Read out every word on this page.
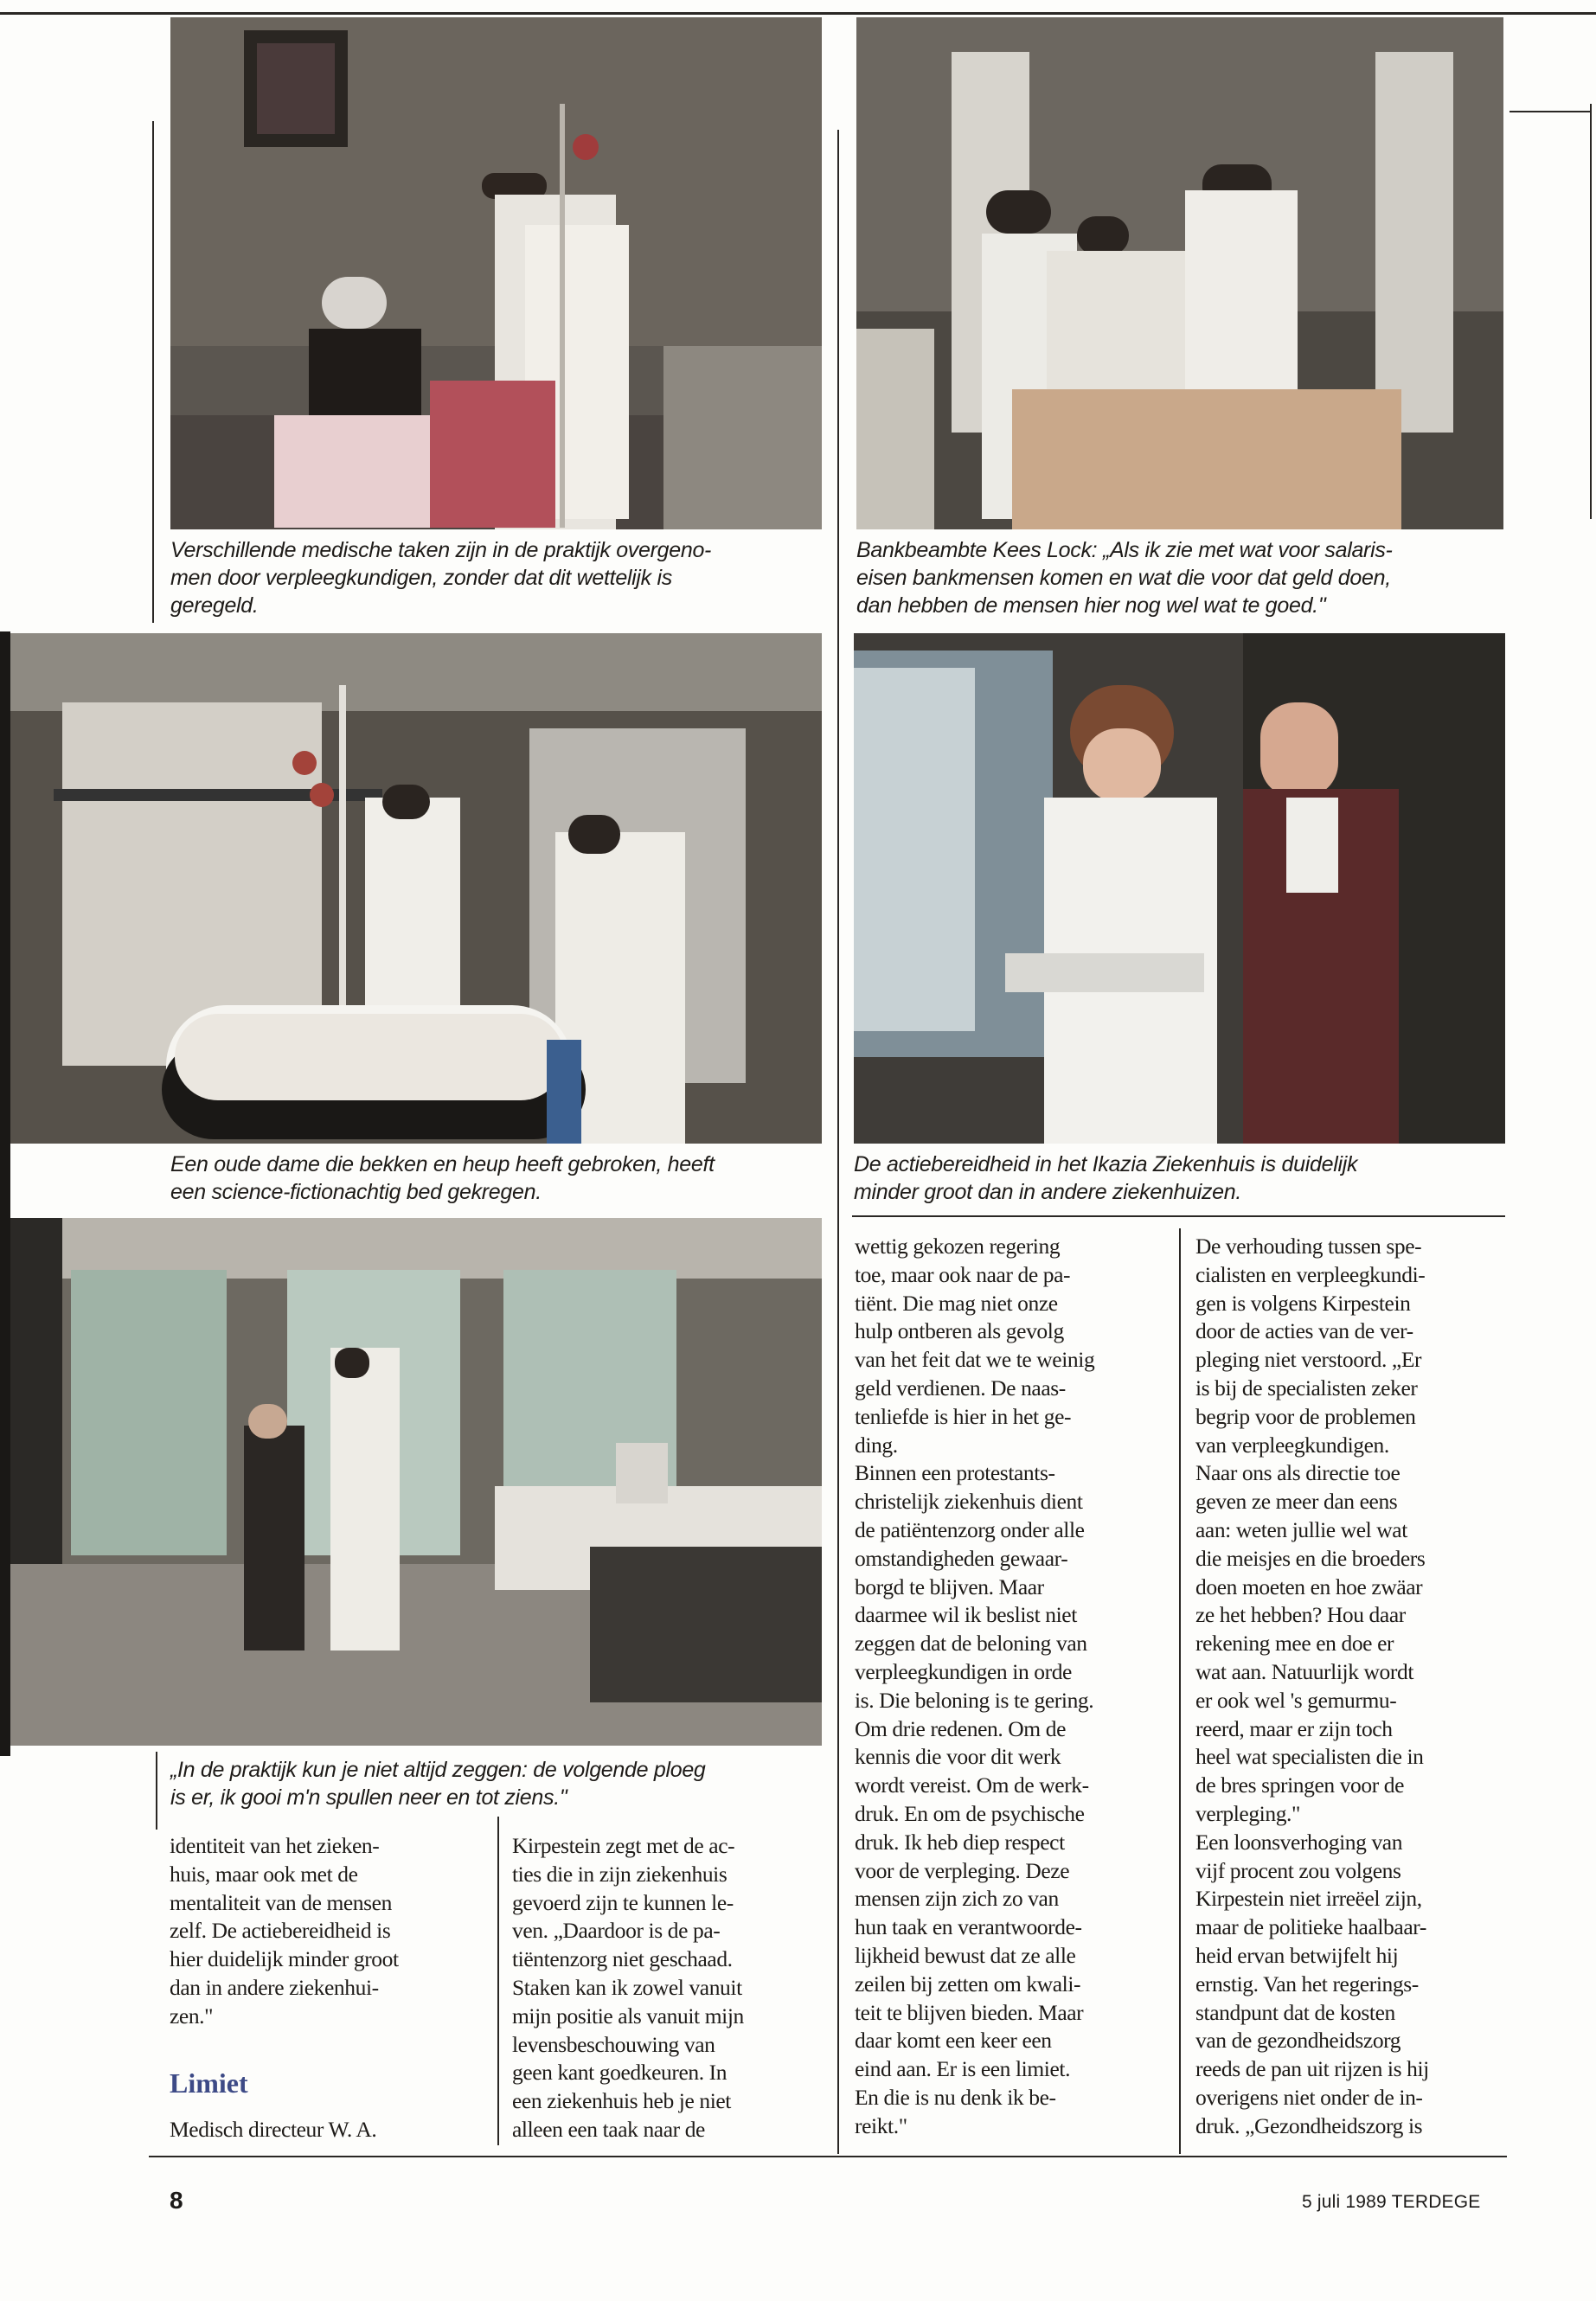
Verschillende medische taken zijn in de praktijk overgeno-
men door verpleegkundigen, zonder dat dit wettelijk is
geregeld.
Bankbeambte Kees Lock: „Als ik zie met wat voor salaris-
eisen bankmensen komen en wat die voor dat geld doen,
dan hebben de mensen hier nog wel wat te goed."
Een oude dame die bekken en heup heeft gebroken, heeft
een science-fictionachtig bed gekregen.
De actiebereidheid in het Ikazia Ziekenhuis is duidelijk
minder groot dan in andere ziekenhuizen.
„In de praktijk kun je niet altijd zeggen: de volgende ploeg
is er, ik gooi m'n spullen neer en tot ziens."
identiteit van het zieken-
huis, maar ook met de
mentaliteit van de mensen
zelf. De actiebereidheid is
hier duidelijk minder groot
dan in andere ziekenhui-
zen."
Limiet
Medisch directeur W. A.
Kirpestein zegt met de ac-
ties die in zijn ziekenhuis
gevoerd zijn te kunnen le-
ven. „Daardoor is de pa-
tiëntenzorg niet geschaad.
Staken kan ik zowel vanuit
mijn positie als vanuit mijn
levensbeschouwing van
geen kant goedkeuren. In
een ziekenhuis heb je niet
alleen een taak naar de
wettig gekozen regering
toe, maar ook naar de pa-
tiënt. Die mag niet onze
hulp ontberen als gevolg
van het feit dat we te weinig
geld verdienen. De naas-
tenliefde is hier in het ge-
ding.
Binnen een protestants-
christelijk ziekenhuis dient
de patiëntenzorg onder alle
omstandigheden gewaar-
borgd te blijven. Maar
daarmee wil ik beslist niet
zeggen dat de beloning van
verpleegkundigen in orde
is. Die beloning is te gering.
Om drie redenen. Om de
kennis die voor dit werk
wordt vereist. Om de werk-
druk. En om de psychische
druk. Ik heb diep respect
voor de verpleging. Deze
mensen zijn zich zo van
hun taak en verantwoorde-
lijkheid bewust dat ze alle
zeilen bij zetten om kwali-
teit te blijven bieden. Maar
daar komt een keer een
eind aan. Er is een limiet.
En die is nu denk ik be-
reikt."
De verhouding tussen spe-
cialisten en verpleegkundi-
gen is volgens Kirpestein
door de acties van de ver-
pleging niet verstoord. „Er
is bij de specialisten zeker
begrip voor de problemen
van verpleegkundigen.
Naar ons als directie toe
geven ze meer dan eens
aan: weten jullie wel wat
die meisjes en die broeders
doen moeten en hoe zwäar
ze het hebben? Hou daar
rekening mee en doe er
wat aan. Natuurlijk wordt
er ook wel 's gemurmu-
reerd, maar er zijn toch
heel wat specialisten die in
de bres springen voor de
verpleging."
Een loonsverhoging van
vijf procent zou volgens
Kirpestein niet irreëel zijn,
maar de politieke haalbaar-
heid ervan betwijfelt hij
ernstig. Van het regerings-
standpunt dat de kosten
van de gezondheidszorg
reeds de pan uit rijzen is hij
overigens niet onder de in-
druk. „Gezondheidszorg is
8	5 juli 1989 TERDEGE
